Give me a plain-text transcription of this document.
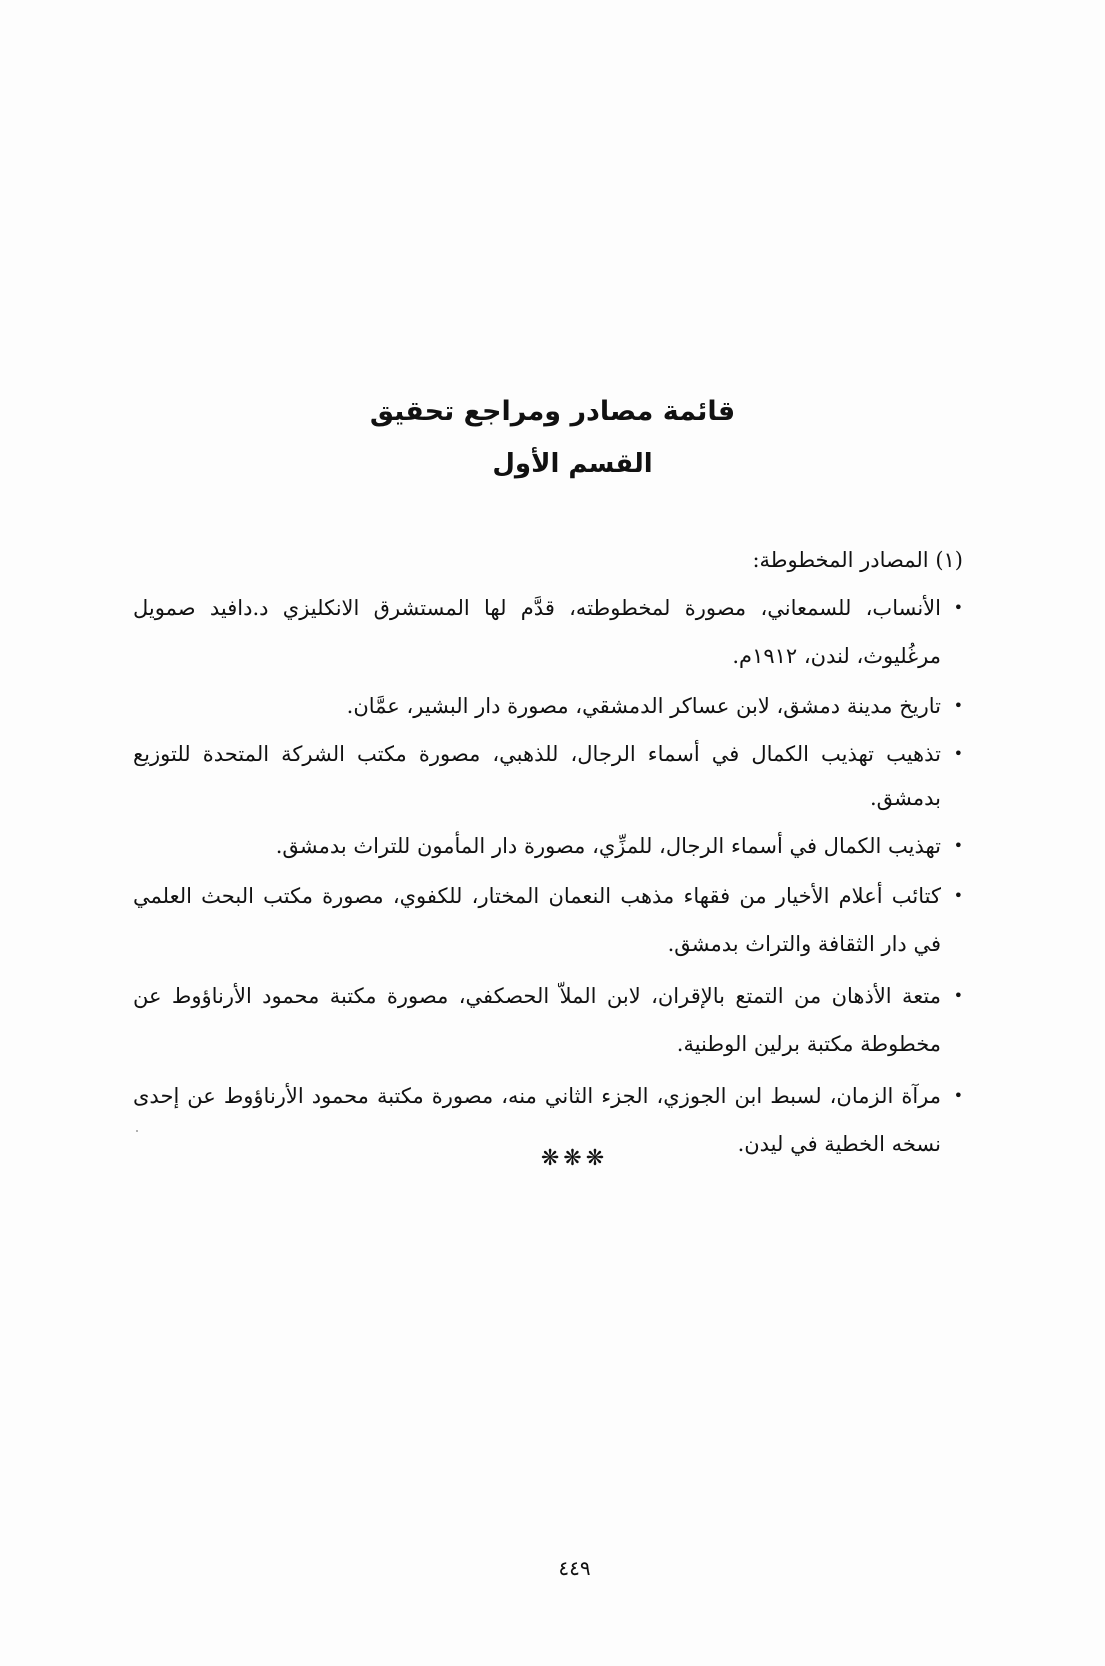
قائمة مصادر ومراجع تحقيق
القسم الأول

(١) المصادر المخطوطة:

•
الأنساب، للسمعاني، مصورة لمخطوطته، قدَّم لها المستشرق الانكليزي د.دافيد صمويل مرغُليوث، لندن، ١٩١٢م.
•
تاريخ مدينة دمشق، لابن عساكر الدمشقي، مصورة دار البشير، عمَّان.
•
تذهيب تهذيب الكمال في أسماء الرجال، للذهبي، مصورة مكتب الشركة المتحدة للتوزيع بدمشق.
•
تهذيب الكمال في أسماء الرجال، للمزِّي، مصورة دار المأمون للتراث بدمشق.
•
كتائب أعلام الأخيار من فقهاء مذهب النعمان المختار، للكفوي، مصورة مكتب البحث العلمي في دار الثقافة والتراث بدمشق.
•
متعة الأذهان من التمتع بالإقران، لابن الملاّ الحصكفي، مصورة مكتبة محمود الأرناؤوط عن مخطوطة مكتبة برلين الوطنية.
•
مرآة الزمان، لسبط ابن الجوزي، الجزء الثاني منه، مصورة مكتبة محمود الأرناؤوط عن إحدى نسخه الخطية في ليدن.
❋❋❋
٤٤٩
